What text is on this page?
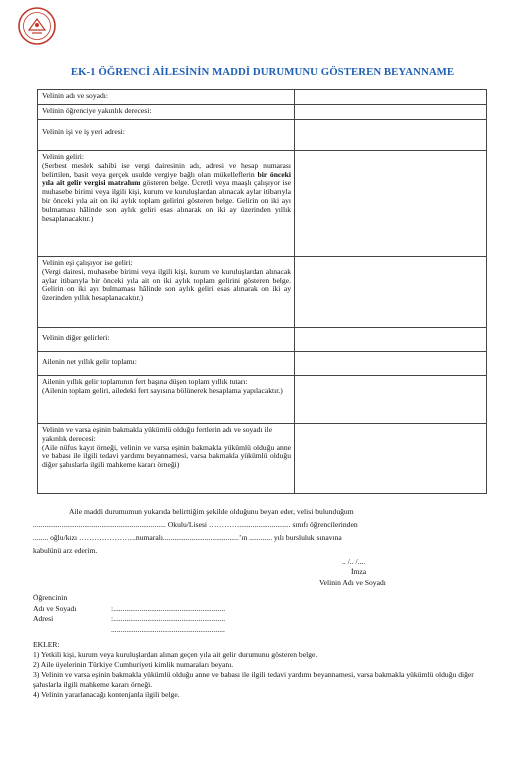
EK-1 ÖĞRENCİ AİLESİNİN MADDİ DURUMUNU GÖSTEREN BEYANNAME
Velinin adı ve soyadı:	

Velinin öğrenciye yakınlık derecesi:	

Velinin işi ve iş yeri adresi:	

Velinin geliri:
(Serbest meslek sahibi ise vergi dairesinin adı, adresi ve hesap numarası belirtilen, basit veya gerçek usulde vergiye bağlı olan mükelleflerin bir önceki yıla ait gelir vergisi matrahını gösteren belge. Ücretli veya maaşlı çalışıyor ise muhasebe birimi veya ilgili kişi, kurum ve kuruluşlardan alınacak aylar itibarıyla bir önceki yıla ait on iki aylık toplam gelirini gösteren belge. Gelirin on iki ayı bulmaması hâlinde son aylık geliri esas alınarak on iki ay üzerinden yıllık hesaplanacaktır.)	

Velinin eşi çalışıyor ise geliri:
(Vergi dairesi, muhasebe birimi veya ilgili kişi, kurum ve kuruluşlardan alınacak aylar itibarıyla bir önceki yıla ait on iki aylık toplam gelirini gösteren belge. Gelirin on iki ayı bulmaması hâlinde son aylık geliri esas alınarak on iki ay üzerinden yıllık hesaplanacaktır.)	

Velinin diğer gelirleri:	

Ailenin net yıllık gelir toplamı:	

Ailenin yıllık gelir toplamının fert başına düşen toplam yıllık tutarı:
(Ailenin toplam geliri, ailedeki fert sayısına bölünerek hesaplama yapılacaktır.)	

Velinin ve varsa eşinin bakmakla yükümlü olduğu fertlerin adı ve soyadı ile yakınlık derecesi:
(Aile nüfus kayıt örneği, velinin ve varsa eşinin bakmakla yükümlü olduğu anne ve babası ile ilgili tedavi yardımı beyannamesi, varsa bakmakla yükümlü olduğu diğer şahıslarla ilgili mahkeme kararı örneği)	

Aile maddi durumumun yukarıda belirttiğim şekilde olduğunu beyan eder, velisi bulunduğum

...................................................................... Okulu/Lisesi …………........................... sınıfı öğrencilerinden

........ oğlu/kızı …………………..numaralı........................................’ın ............ yılı bursluluk sınavına

kabulünü arz ederim.

.. /.. /....
İmza
Velinin Adı ve Soyadı
Öğrencinin
Adı ve Soyadı	:...........................................................
Adresi	:...........................................................
............................................................
EKLER:
1) Yetkili kişi, kurum veya kuruluşlardan alınan geçen yıla ait gelir durumunu gösteren belge.
2) Aile üyelerinin Türkiye Cumhuriyeti kimlik numaraları beyanı.
3) Velinin ve varsa eşinin bakmakla yükümlü olduğu anne ve babası ile ilgili tedavi yardımı beyannamesi, varsa bakmakla yükümlü olduğu diğer şahıslarla ilgili mahkeme kararı örneği.
4) Velinin yararlanacağı kontenjanla ilgili belge.
